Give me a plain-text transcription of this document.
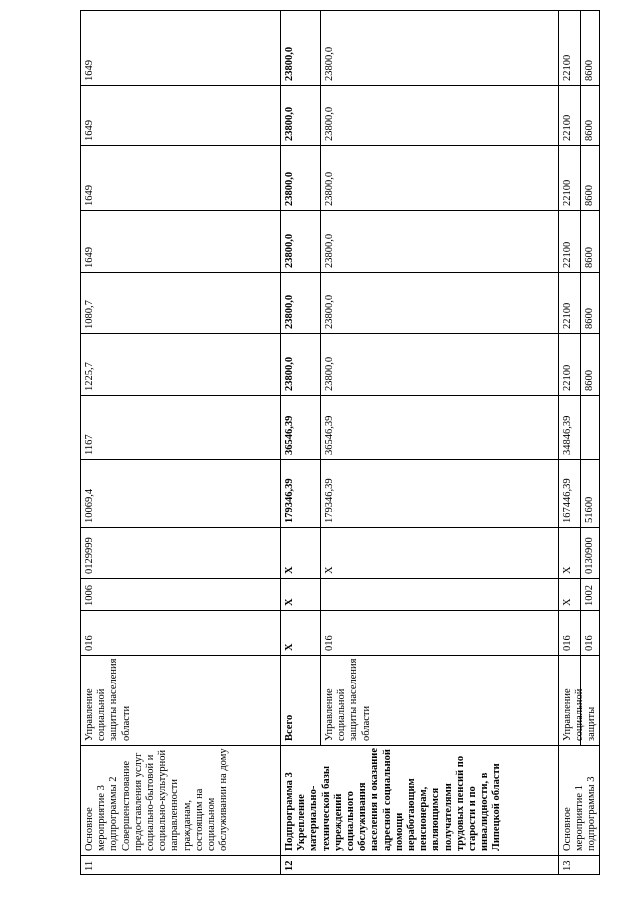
11
Основное мероприятие 3 подпрограммы 2 Совершенствование предоставления услуг социально-бытовой и социально-культурной направленности гражданам, состоящим на социальном обслуживании на дому
Управление социальной защиты населения области
016
1006
0129999
10069,4
1167
1225,7
1080,7
1649
1649
1649
1649
12
Подпрограмма 3 Укрепление материально-технической базы учреждений социального обслуживания населения и оказание адресной социальной помощи неработающим пенсионерам, являющимся получателями трудовых пенсий по старости и по инвалидности, в Липецкой области
Всего
X
X
X
179346,39
36546,39
23800,0
23800,0
23800,0
23800,0
23800,0
23800,0
Управление социальной защиты населения области
016
X
179346,39
36546,39
23800,0
23800,0
23800,0
23800,0
23800,0
23800,0
13
Основное мероприятие 1 подпрограммы 3
Управление социальной защиты
016
X
X
167446,39
34846,39
22100
22100
22100
22100
22100
22100
016
1002
0130900
51600
8600
8600
8600
8600
8600
8600
